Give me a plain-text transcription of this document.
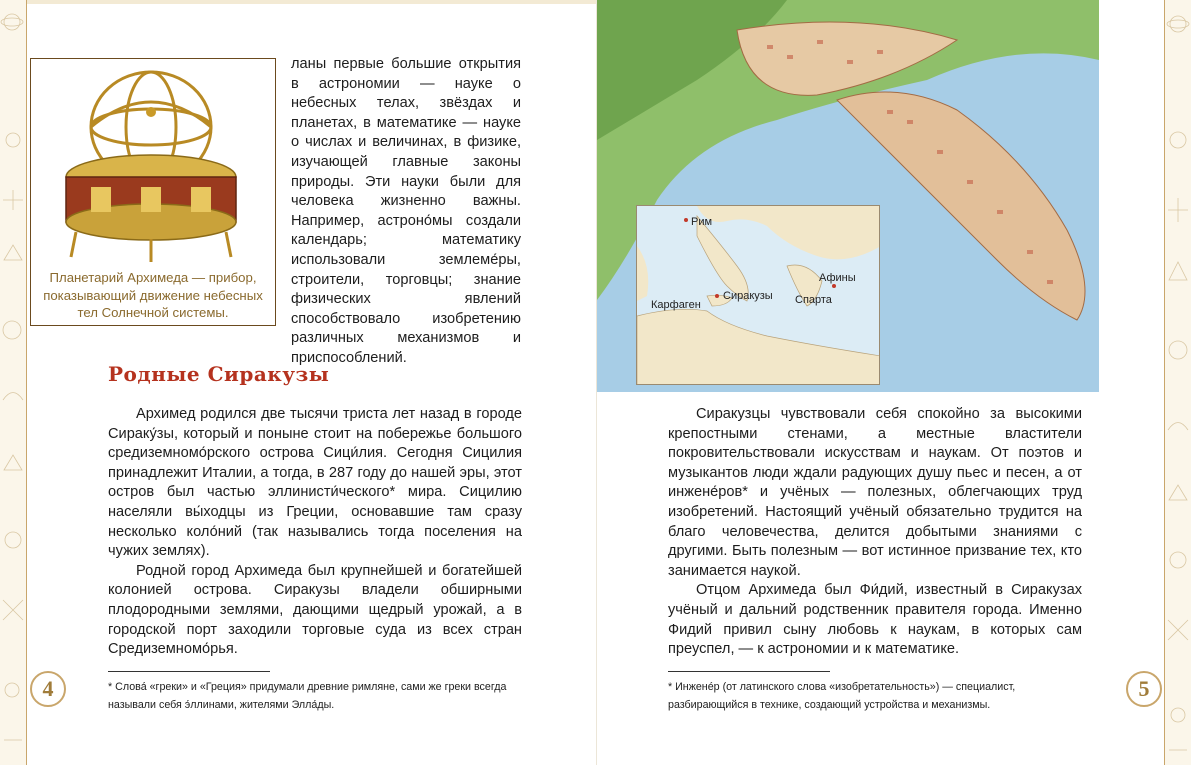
Планетарий Архимеда — прибор, показывающий движение небесных тел Солнечной системы.

ланы первые большие открытия в астрономии — науке о небесных телах, звёздах и планетах, в математике — науке о числах и величинах, в физике, изучающей главные законы природы. Эти науки были для человека жизненно важны. Например, астроно́мы создали календарь; математику использовали землеме́ры, строители, торговцы; знание физических явлений способствовало изобретению различных механизмов и приспособлений.

Родные Сиракузы

Архимед родился две тысячи триста лет назад в городе Сираку́зы, который и поныне стоит на побережье большого средиземномо́рского острова Сици́лия. Сегодня Сицилия принадлежит Италии, а тогда, в 287 году до нашей эры, этот остров был частью эллинисти́ческого* мира. Сицилию населяли вы́ходцы из Греции, основавшие там сразу несколько коло́ний (так назывались тогда поселения на чужих землях).

Родной город Архимеда был крупнейшей и богатейшей колонией острова. Сиракузы владели обширными плодородными землями, дающими щедрый урожай, а в городской порт заходили торговые суда из всех стран Средиземномо́рья.

* Слова́ «греки» и «Греция» придумали древние римляне, сами же греки всегда называли себя э́ллинами, жителями Элла́ды.
4
Рим
Афины
Сиракузы
Карфаген	Спарта

Сиракузцы чувствовали себя спокойно за высокими крепостными стенами, а местные властители покровительствовали искусствам и наукам. От поэтов и музыкантов люди ждали радующих душу пьес и песен, а от инжене́ров* и учёных — полезных, облегчающих труд изобретений. Настоящий учёный обязательно трудится на благо человечества, делится добытыми знаниями с другими. Быть полезным — вот истинное призвание тех, кто занимается наукой.

Отцом Архимеда был Фи́дий, известный в Сиракузах учёный и дальний родственник правителя города. Именно Фидий привил сыну любовь к наукам, в которых сам преуспел, — к астрономии и к математике.

* Инжене́р (от латинского слова «изобретательность») — специалист, разбирающийся в технике, создающий устройства и механизмы.
5
